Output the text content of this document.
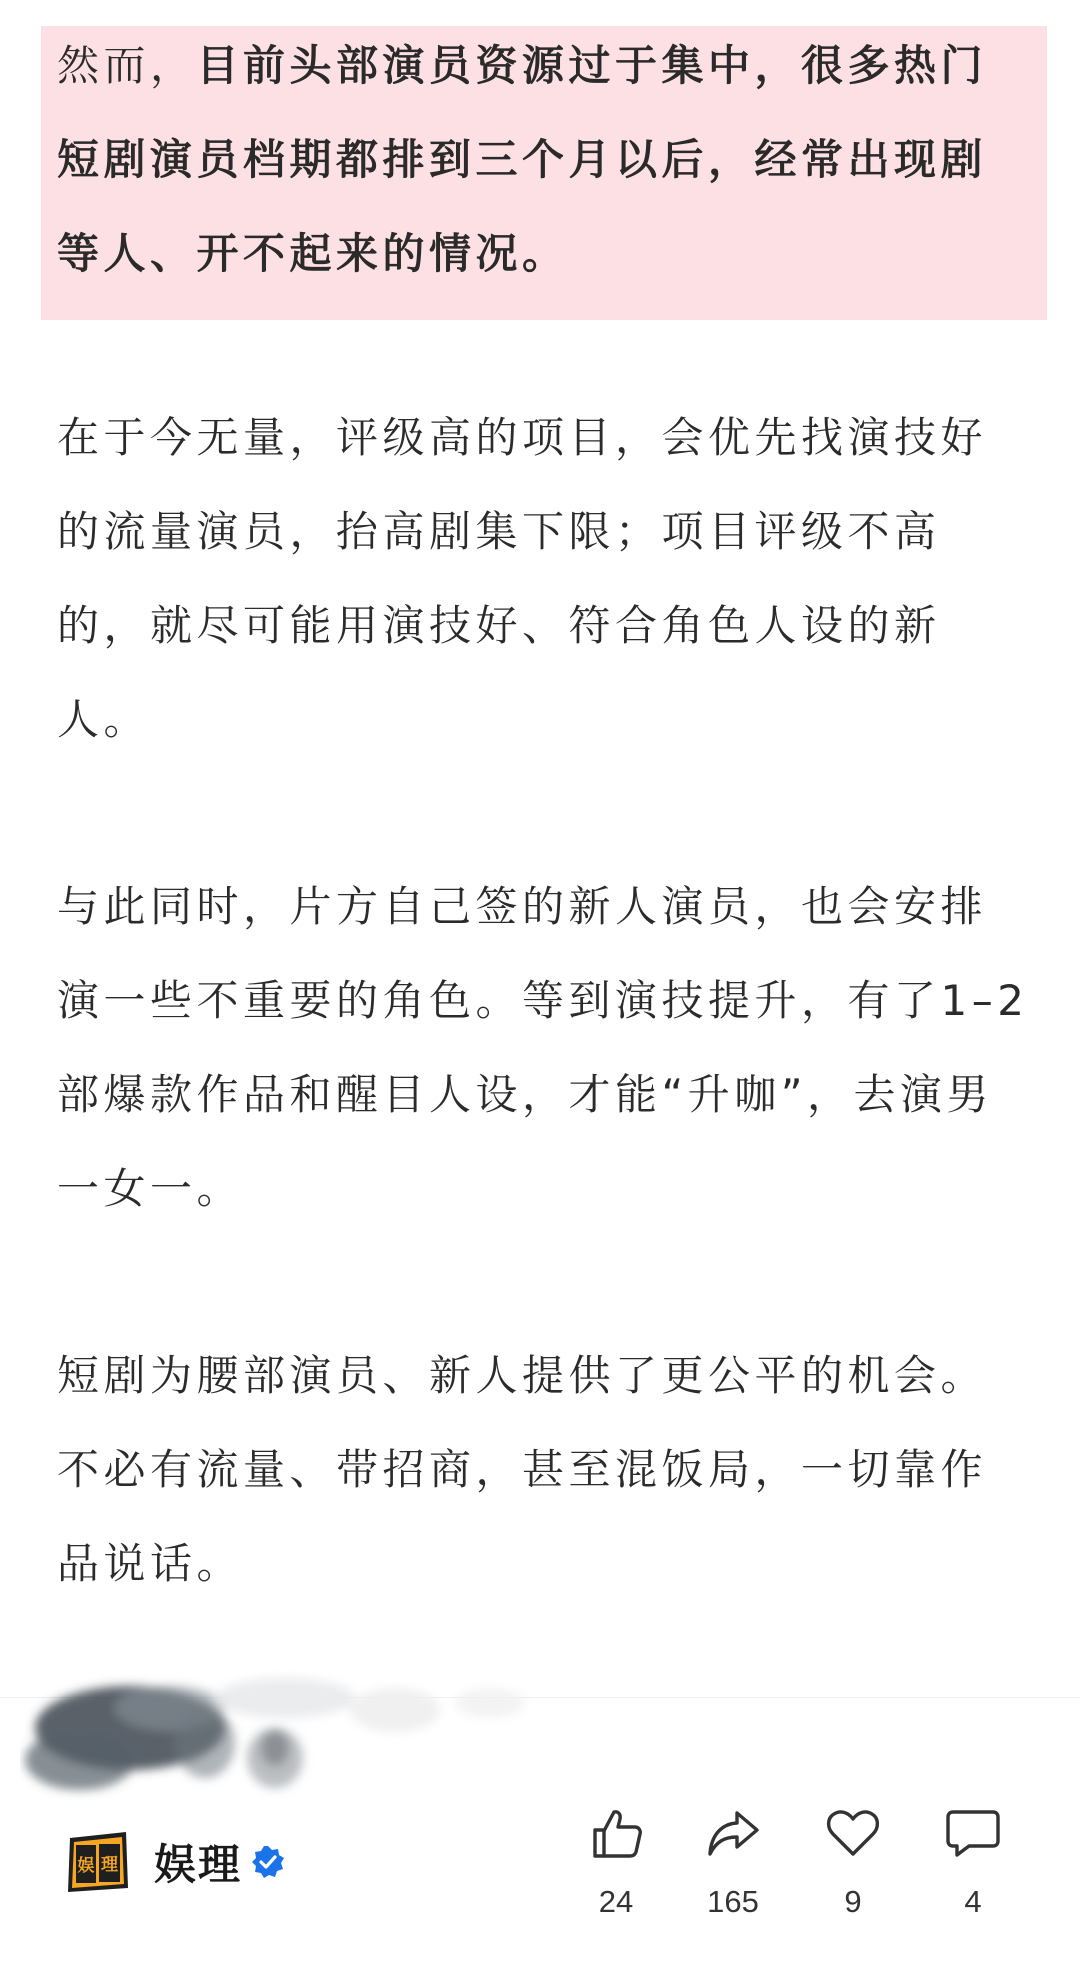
然而，目前头部演员资源过于集中，很多热门短剧演员档期都排到三个月以后，经常出现剧等人、开不起来的情况。

在于今无量，评级高的项目，会优先找演技好的流量演员，抬高剧集下限；项目评级不高的，就尽可能用演技好、符合角色人设的新人。

与此同时，片方自己签的新人演员，也会安排演一些不重要的角色。等到演技提升，有了1–2部爆款作品和醒目人设，才能“升咖”，去演男一女一。

短剧为腰部演员、新人提供了更公平的机会。不必有流量、带招商，甚至混饭局，一切靠作品说话。

娱 理 娱理
24 165	9	4
